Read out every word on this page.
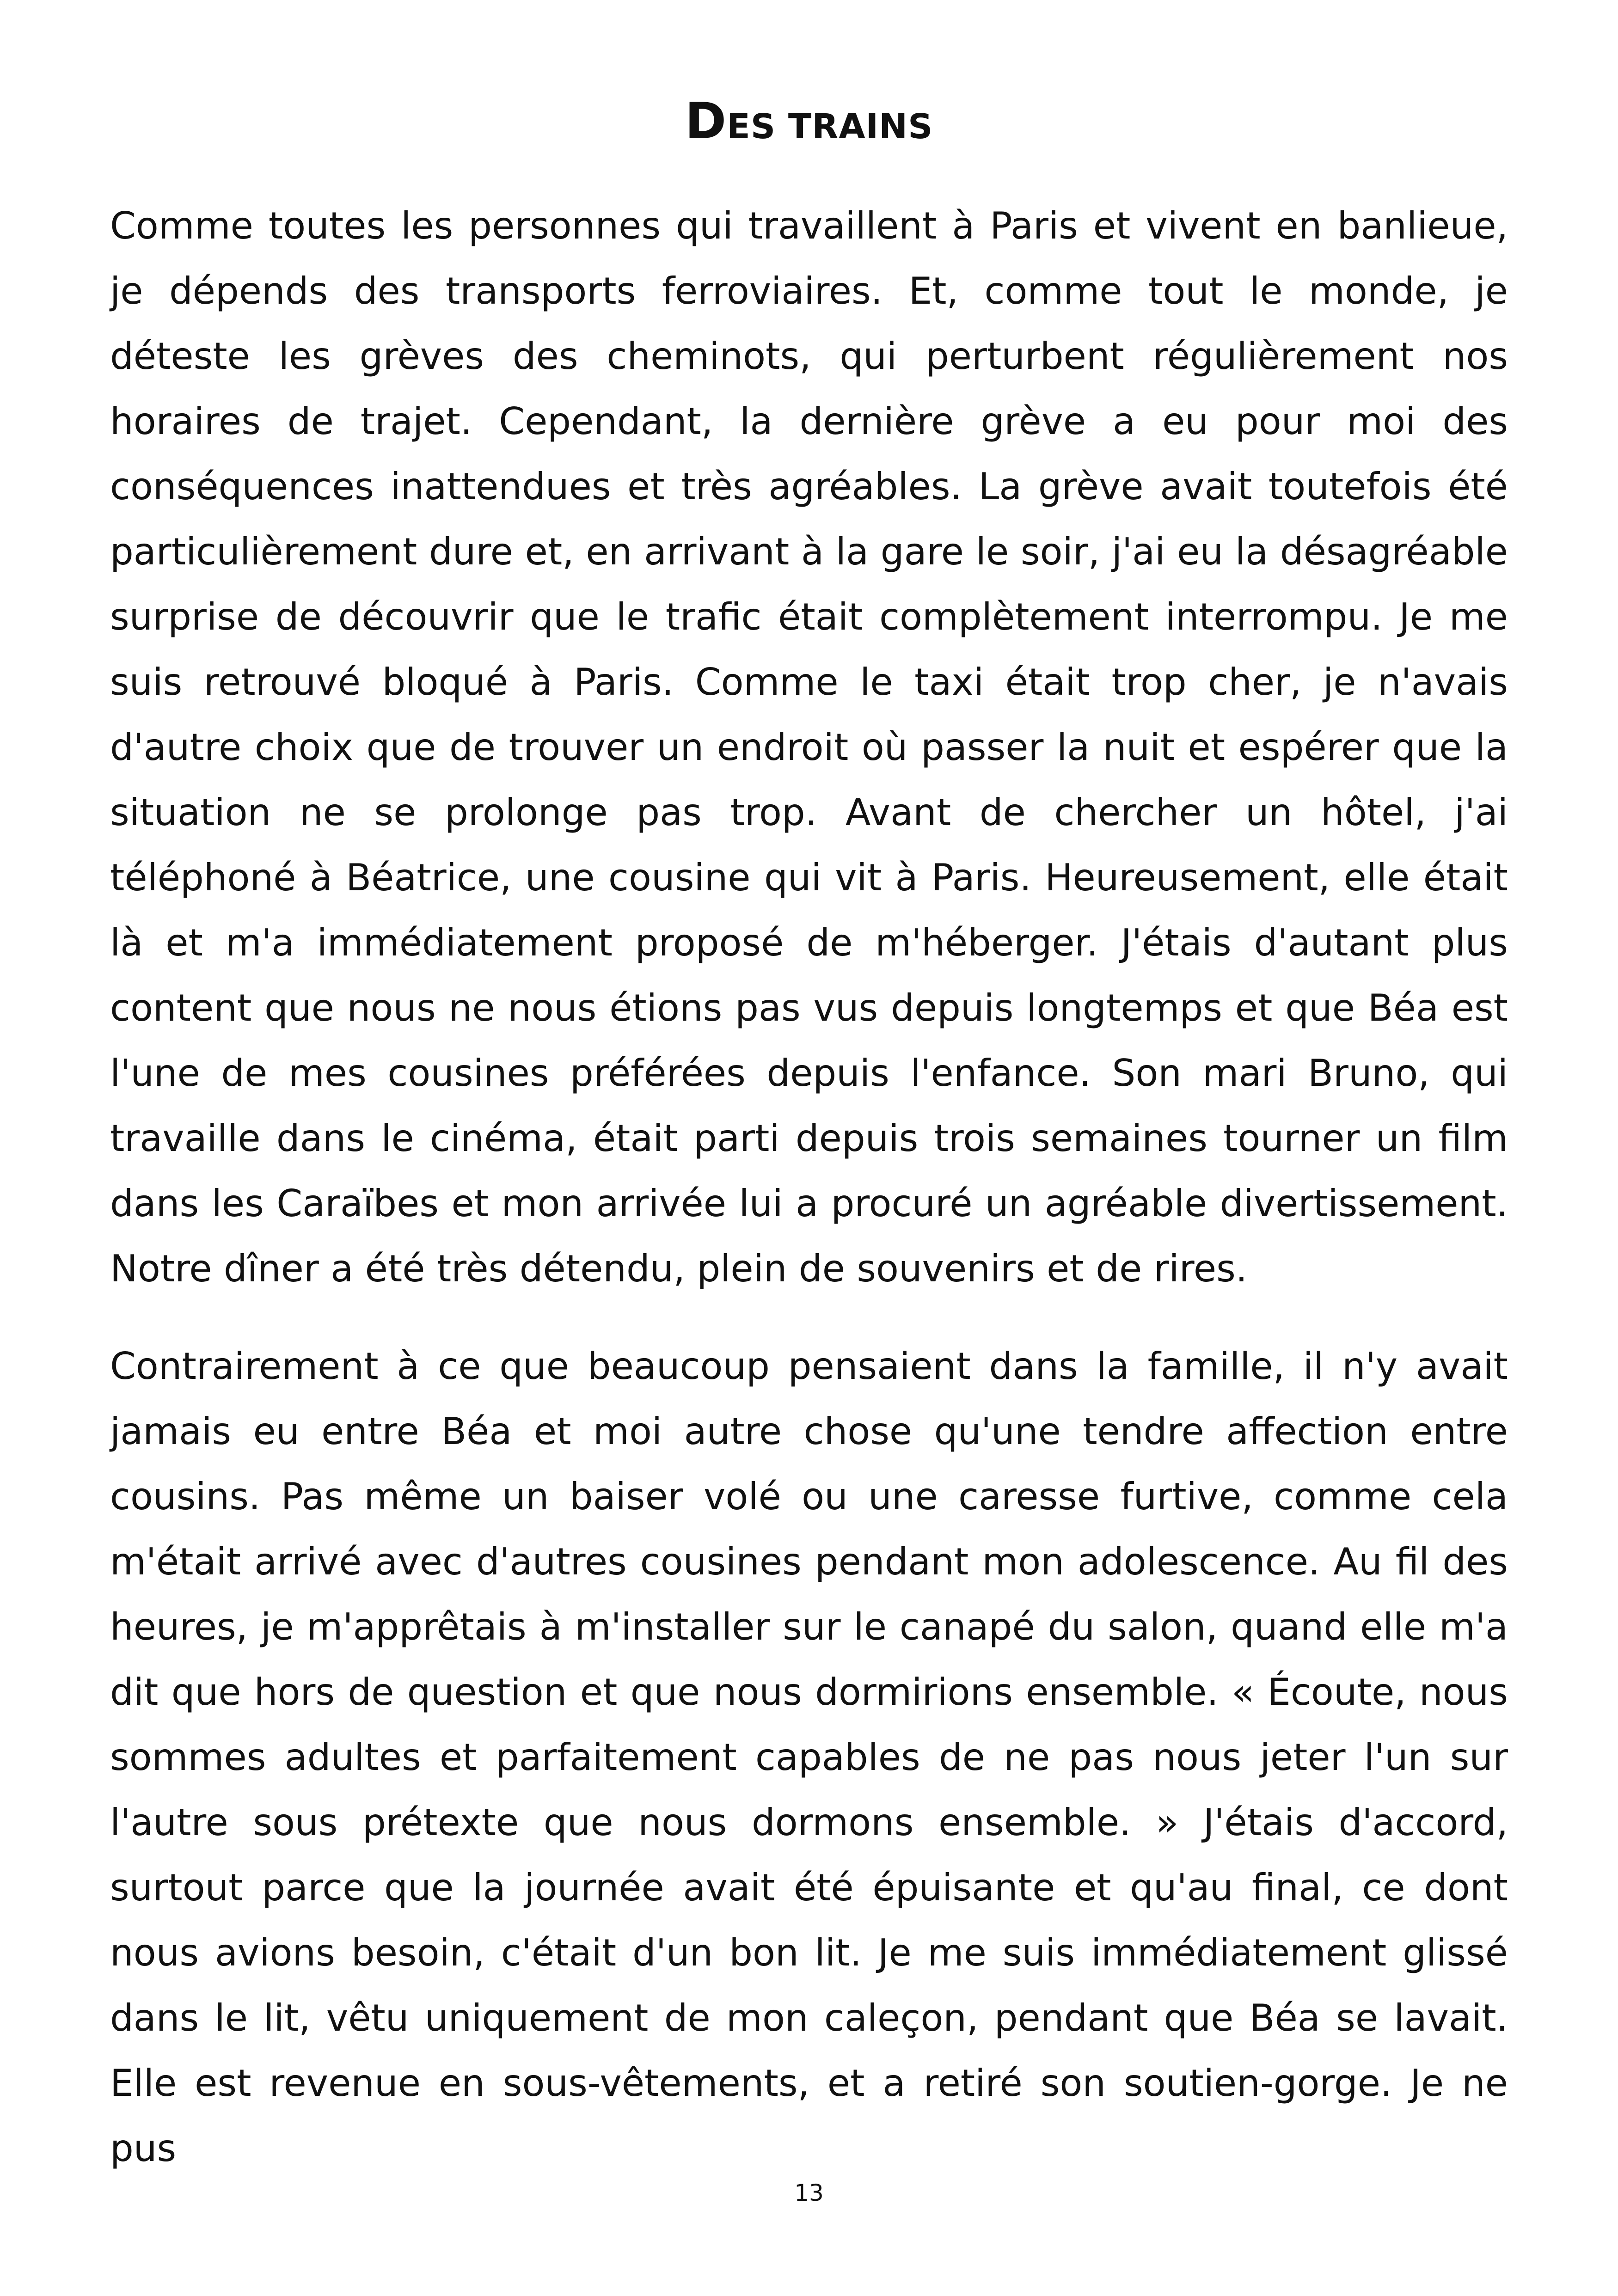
DES TRAINS

Comme toutes les personnes qui travaillent à Paris et vivent en banlieue, je dépends des transports ferroviaires. Et, comme tout le monde, je déteste les grèves des cheminots, qui perturbent régulièrement nos horaires de trajet. Cependant, la dernière grève a eu pour moi des conséquences inattendues et très agréables. La grève avait toutefois été particulièrement dure et, en arrivant à la gare le soir, j'ai eu la désagréable surprise de découvrir que le trafic était complètement interrompu. Je me suis retrouvé bloqué à Paris. Comme le taxi était trop cher, je n'avais d'autre choix que de trouver un endroit où passer la nuit et espérer que la situation ne se prolonge pas trop. Avant de chercher un hôtel, j'ai téléphoné à Béatrice, une cousine qui vit à Paris. Heureusement, elle était là et m'a immédiatement proposé de m'héberger. J'étais d'autant plus content que nous ne nous étions pas vus depuis longtemps et que Béa est l'une de mes cousines préférées depuis l'enfance. Son mari Bruno, qui travaille dans le cinéma, était parti depuis trois semaines tourner un film dans les Caraïbes et mon arrivée lui a procuré un agréable divertissement. Notre dîner a été très détendu, plein de souvenirs et de rires.

Contrairement à ce que beaucoup pensaient dans la famille, il n'y avait jamais eu entre Béa et moi autre chose qu'une tendre affection entre cousins. Pas même un baiser volé ou une caresse furtive, comme cela m'était arrivé avec d'autres cousines pendant mon adolescence. Au fil des heures, je m'apprêtais à m'installer sur le canapé du salon, quand elle m'a dit que hors de question et que nous dormirions ensemble. « Écoute, nous sommes adultes et parfaitement capables de ne pas nous jeter l'un sur l'autre sous prétexte que nous dormons ensemble. » J'étais d'accord, surtout parce que la journée avait été épuisante et qu'au final, ce dont nous avions besoin, c'était d'un bon lit. Je me suis immédiatement glissé dans le lit, vêtu uniquement de mon caleçon, pendant que Béa se lavait. Elle est revenue en sous-vêtements, et a retiré son soutien-gorge. Je ne pus

13
